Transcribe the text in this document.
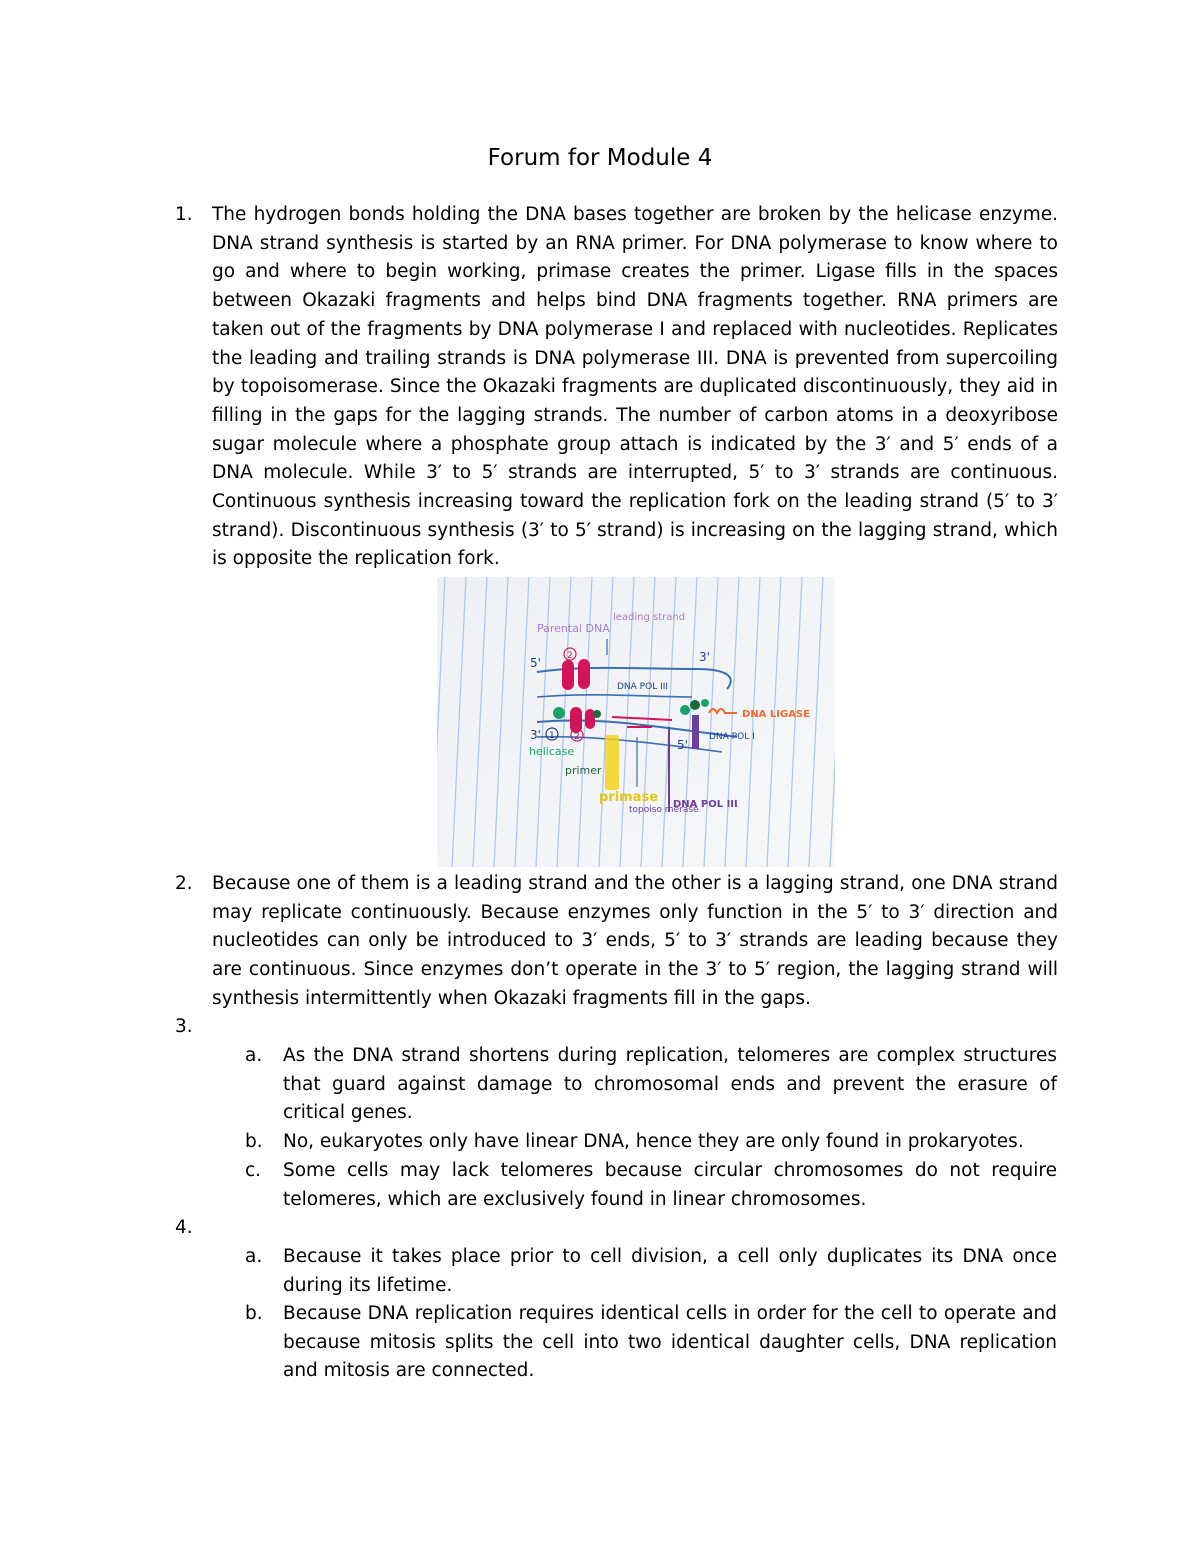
Forum for Module 4
1.	The hydrogen bonds holding the DNA bases together are broken by the helicase enzyme. DNA strand synthesis is started by an RNA primer. For DNA polymerase to know where to go and where to begin working, primase creates the primer. Ligase fills in the spaces between Okazaki fragments and helps bind DNA fragments together. RNA primers are taken out of the fragments by DNA polymerase I and replaced with nucleotides. Replicates the leading and trailing strands is DNA polymerase III. DNA is prevented from supercoiling by topoisomerase. Since the Okazaki fragments are duplicated discontinuously, they aid in filling in the gaps for the lagging strands. The number of carbon atoms in a deoxyribose sugar molecule where a phosphate group attach is indicated by the 3′ and 5′ ends of a DNA molecule. While 3′ to 5′ strands are interrupted, 5′ to 3′ strands are continuous. Continuous synthesis increasing toward the replication fork on the leading strand (5′ to 3′ strand). Discontinuous synthesis (3′ to 5′ strand) is increasing on the lagging strand, which is opposite the replication fork.
Parental DNA
leading strand
5'	3'
2
2
1
3'
5'
helicase
primer
primase
DNA POL III
DNA LIGASE
DNA POL I
topoiso merase
DNA POL III
2.	Because one of them is a leading strand and the other is a lagging strand, one DNA strand may replicate continuously. Because enzymes only function in the 5′ to 3′ direction and nucleotides can only be introduced to 3′ ends, 5′ to 3′ strands are leading because they are continuous. Since enzymes don’t operate in the 3′ to 5′ region, the lagging strand will synthesis intermittently when Okazaki fragments fill in the gaps.
3.
a.	As the DNA strand shortens during replication, telomeres are complex structures that guard against damage to chromosomal ends and prevent the erasure of critical genes.
b.	No, eukaryotes only have linear DNA, hence they are only found in prokaryotes.
c.	Some cells may lack telomeres because circular chromosomes do not require telomeres, which are exclusively found in linear chromosomes.
4.
a.	Because it takes place prior to cell division, a cell only duplicates its DNA once during its lifetime.
b.	Because DNA replication requires identical cells in order for the cell to operate and because mitosis splits the cell into two identical daughter cells, DNA replication and mitosis are connected.
